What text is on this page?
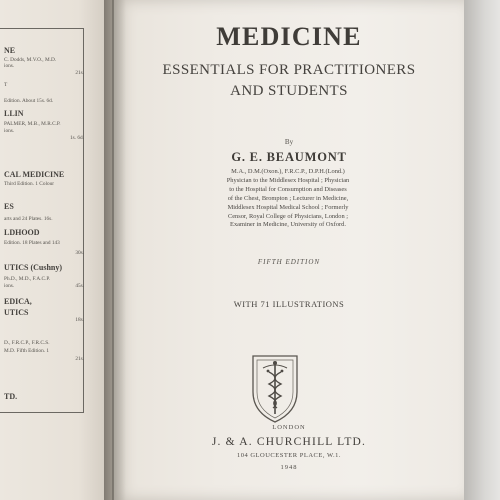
NE
C. Dodds, M.V.O., M.D.
ions.
21s.
T
Edition. About 15s. 6d.
LLIN
PALMER, M.B., M.R.C.P.
ions.
1s. 6d.
CAL MEDICINE
Third Edition. 1 Colour
ES
arts and 24 Plates. 16s.
LDHOOD
Edition. 18 Plates and 143
30s.
UTICS (Cushny)
Ph.D., M.D., F.A.C.P.
ions.	45s.
EDICA,
UTICS
18s.
D., F.R.C.P., F.R.C.S.
M.D. Fifth Edition. 1
21s.
TD.
MEDICINE
ESSENTIALS FOR PRACTITIONERS
AND STUDENTS
By
G. E. BEAUMONT
M.A., D.M.(Oxon.), F.R.C.P., D.P.H.(Lond.)
Physician to the Middlesex Hospital ; Physician
to the Hospital for Consumption and Diseases
of the Chest, Brompton ; Lecturer in Medicine,
Middlesex Hospital Medical School ; Formerly
Censor, Royal College of Physicians, London ;
Examiner in Medicine, University of Oxford.
FIFTH EDITION
WITH 71 ILLUSTRATIONS
LONDON
J. & A. CHURCHILL LTD.
104 GLOUCESTER PLACE, W.1.
1948
